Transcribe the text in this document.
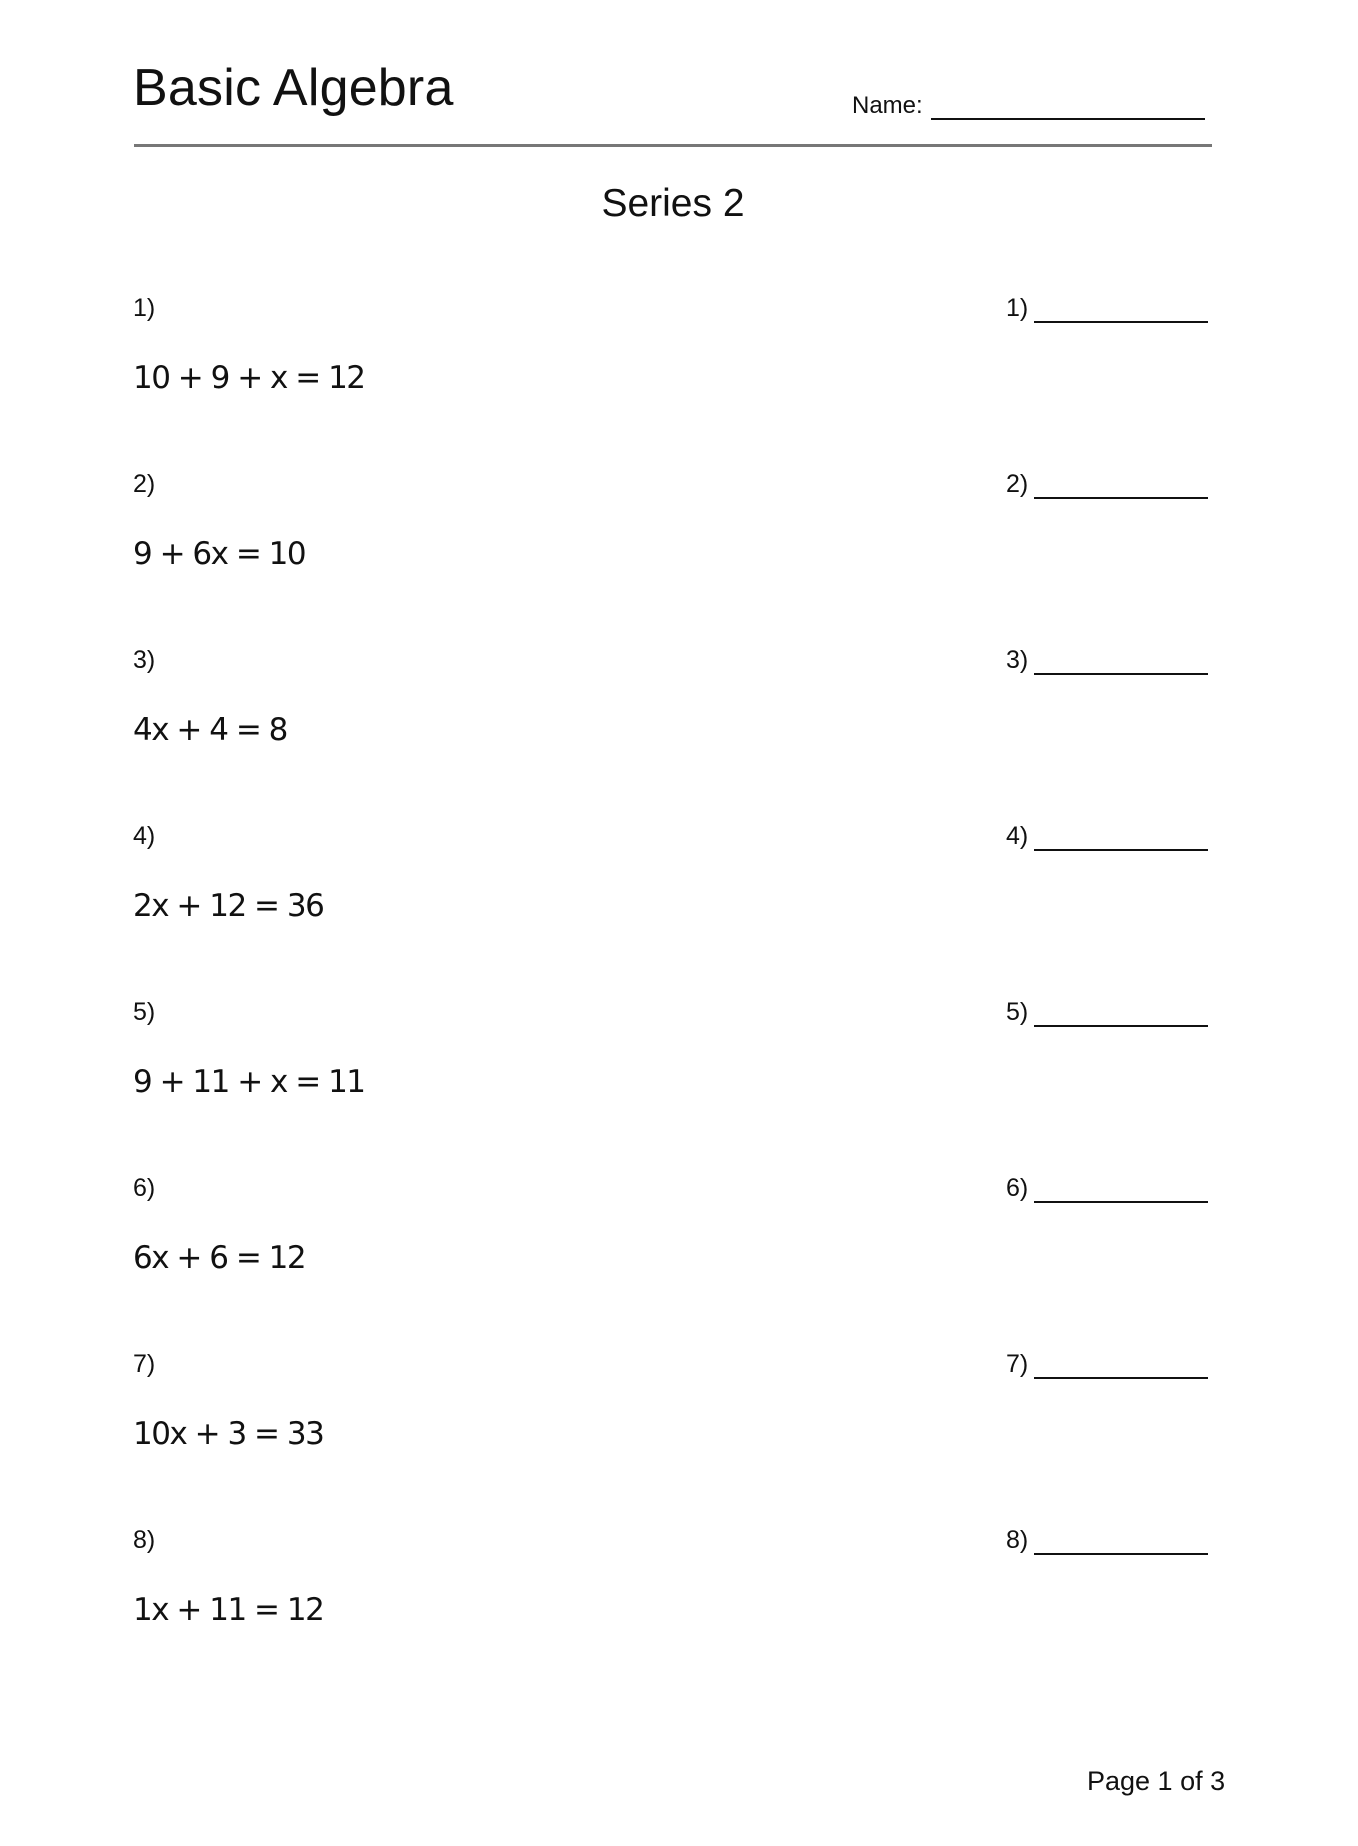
Basic Algebra	Name:
Series 2
1)
10 + 9 + x = 12
1)
2)
9 + 6x = 10
2)
3)
4x + 4 = 8
3)
4)
2x + 12 = 36
4)
5)
9 + 11 + x = 11
5)
6)
6x + 6 = 12
6)
7)
10x + 3 = 33
7)
8)
1x + 11 = 12
8)
Page 1 of 3
